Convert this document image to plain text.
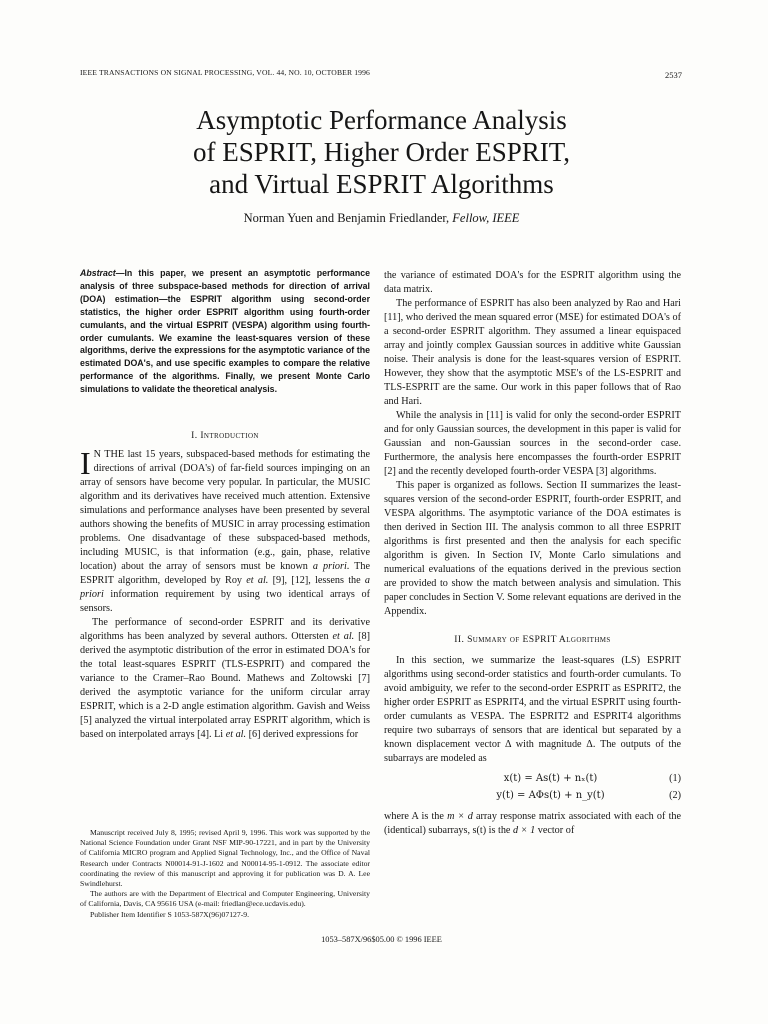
IEEE TRANSACTIONS ON SIGNAL PROCESSING, VOL. 44, NO. 10, OCTOBER 1996	2537
Asymptotic Performance Analysis
of ESPRIT, Higher Order ESPRIT,
and Virtual ESPRIT Algorithms
Norman Yuen and Benjamin Friedlander, Fellow, IEEE

Abstract—In this paper, we present an asymptotic performance analysis of three subspace-based methods for direction of arrival (DOA) estimation—the ESPRIT algorithm using second-order statistics, the higher order ESPRIT algorithm using fourth-order cumulants, and the virtual ESPRIT (VESPA) algorithm using fourth-order cumulants. We examine the least-squares version of these algorithms, derive the expressions for the asymptotic variance of the estimated DOA's, and use specific examples to compare the relative performance of the algorithms. Finally, we present Monte Carlo simulations to validate the theoretical analysis.

I. Introduction

I N THE last 15 years, subspaced-based methods for estimating the directions of arrival (DOA's) of far-field sources impinging on an array of sensors have become very popular. In particular, the MUSIC algorithm and its derivatives have received much attention. Extensive simulations and performance analyses have been presented by several authors showing the benefits of MUSIC in array processing estimation problems. One disadvantage of these subspaced-based methods, including MUSIC, is that information (e.g., gain, phase, relative location) about the array of sensors must be known a priori. The ESPRIT algorithm, developed by Roy et al. [9], [12], lessens the a priori information requirement by using two identical arrays of sensors.

The performance of second-order ESPRIT and its derivative algorithms has been analyzed by several authors. Ottersten et al. [8] derived the asymptotic distribution of the error in estimated DOA's for the total least-squares ESPRIT (TLS-ESPRIT) and compared the variance to the Cramer–Rao Bound. Mathews and Zoltowski [7] derived the asymptotic variance for the uniform circular array ESPRIT, which is a 2-D angle estimation algorithm. Gavish and Weiss [5] analyzed the virtual interpolated array ESPRIT algorithm, which is based on interpolated arrays [4]. Li et al. [6] derived expressions for

Manuscript received July 8, 1995; revised April 9, 1996. This work was supported by the National Science Foundation under Grant NSF MIP-90-17221, and in part by the University of California MICRO program and Applied Signal Technology, Inc., and the Office of Naval Research under Contracts N00014-91-J-1602 and N00014-95-1-0912. The associate editor coordinating the review of this manuscript and approving it for publication was D. A. Lee Swindlehurst.

The authors are with the Department of Electrical and Computer Engineering, University of California, Davis, CA 95616 USA (e-mail: friedlan@ece.ucdavis.edu).

Publisher Item Identifier S 1053-587X(96)07127-9.

the variance of estimated DOA's for the ESPRIT algorithm using the data matrix.

The performance of ESPRIT has also been analyzed by Rao and Hari [11], who derived the mean squared error (MSE) for estimated DOA's of a second-order ESPRIT algorithm. They assumed a linear equispaced array and jointly complex Gaussian sources in additive white Gaussian noise. Their analysis is done for the least-squares version of ESPRIT. However, they show that the asymptotic MSE's of the LS-ESPRIT and TLS-ESPRIT are the same. Our work in this paper follows that of Rao and Hari.

While the analysis in [11] is valid for only the second-order ESPRIT and for only Gaussian sources, the development in this paper is valid for Gaussian and non-Gaussian sources in the second-order case. Furthermore, the analysis here encompasses the fourth-order ESPRIT [2] and the recently developed fourth-order VESPA [3] algorithms.

This paper is organized as follows. Section II summarizes the least-squares version of the second-order ESPRIT, fourth-order ESPRIT, and VESPA algorithms. The asymptotic variance of the DOA estimates is then derived in Section III. The analysis common to all three ESPRIT algorithms is first presented and then the analysis for each specific algorithm is given. In Section IV, Monte Carlo simulations and numerical evaluations of the equations derived in the previous section are provided to show the match between analysis and simulation. This paper concludes in Section V. Some relevant equations are derived in the Appendix.

II. Summary of ESPRIT Algorithms

In this section, we summarize the least-squares (LS) ESPRIT algorithms using second-order statistics and fourth-order cumulants. To avoid ambiguity, we refer to the second-order ESPRIT as ESPRIT2, the higher order ESPRIT as ESPRIT4, and the virtual ESPRIT using fourth-order cumulants as VESPA. The ESPRIT2 and ESPRIT4 algorithms require two subarrays of sensors that are identical but separated by a known displacement vector Δ with magnitude Δ. The outputs of the subarrays are modeled as

x(t) = As(t) + nₓ(t)	(1)
y(t) = AΦs(t) + n_y(t)	(2)

where A is the m × d array response matrix associated with each of the (identical) subarrays, s(t) is the d × 1 vector of

1053–587X/96$05.00 © 1996 IEEE
